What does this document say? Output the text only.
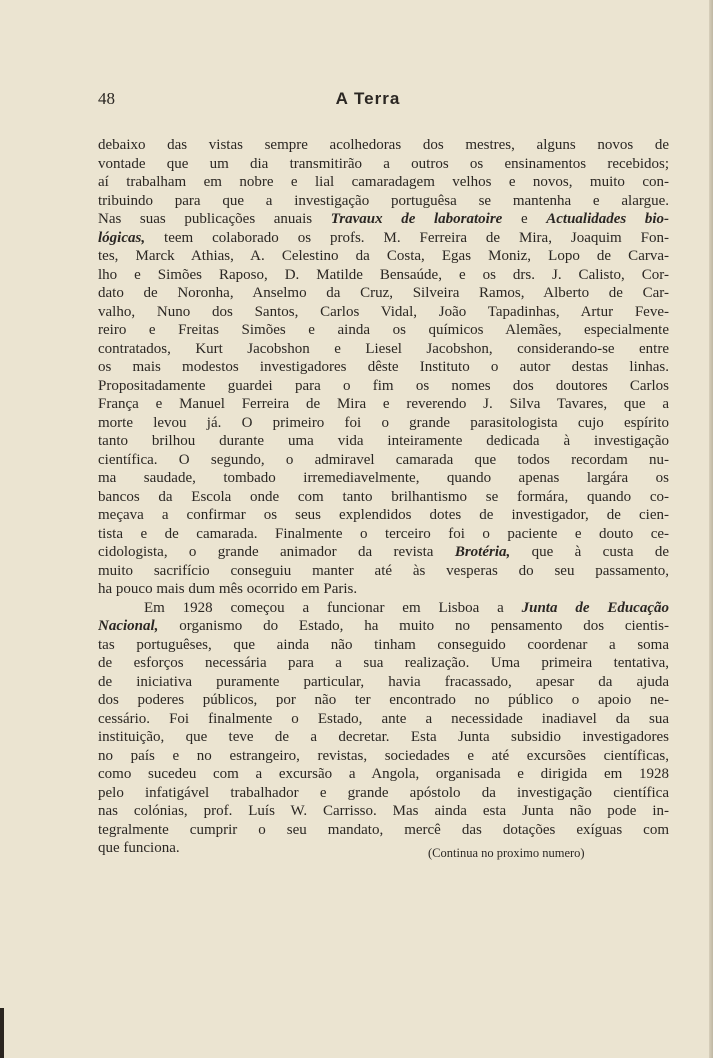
48	A Terra
debaixo das vistas sempre acolhedoras dos mestres, alguns novos de
vontade que um dia transmitirão a outros os ensinamentos recebidos;
aí trabalham em nobre e lial camaradagem velhos e novos, muito con-
tribuindo para que a investigação portuguêsa se mantenha e alargue.
Nas suas publicações anuais Travaux de laboratoire e Actualidades bio-
lógicas, teem colaborado os profs. M. Ferreira de Mira, Joaquim Fon-
tes, Marck Athias, A. Celestino da Costa, Egas Moniz, Lopo de Carva-
lho e Simões Raposo, D. Matilde Bensaúde, e os drs. J. Calisto, Cor-
dato de Noronha, Anselmo da Cruz, Silveira Ramos, Alberto de Car-
valho, Nuno dos Santos, Carlos Vidal, João Tapadinhas, Artur Feve-
reiro e Freitas Simões e ainda os químicos Alemães, especialmente
contratados, Kurt Jacobshon e Liesel Jacobshon, considerando-se entre
os mais modestos investigadores dêste Instituto o autor destas linhas.
Propositadamente guardei para o fim os nomes dos doutores Carlos
França e Manuel Ferreira de Mira e reverendo J. Silva Tavares, que a
morte levou já. O primeiro foi o grande parasitologista cujo espírito
tanto brilhou durante uma vida inteiramente dedicada à investigação
científica. O segundo, o admiravel camarada que todos recordam nu-
ma saudade, tombado irremediavelmente, quando apenas largára os
bancos da Escola onde com tanto brilhantismo se formára, quando co-
meçava a confirmar os seus explendidos dotes de investigador, de cien-
tista e de camarada. Finalmente o terceiro foi o paciente e douto ce-
cidologista, o grande animador da revista Brotéria, que à custa de
muito sacrifício conseguiu manter até às vesperas do seu passamento,
ha pouco mais dum mês ocorrido em Paris.
Em 1928 começou a funcionar em Lisboa a Junta de Educação
Nacional, organismo do Estado, ha muito no pensamento dos cientis-
tas portuguêses, que ainda não tinham conseguido coordenar a soma
de esforços necessária para a sua realização. Uma primeira tentativa,
de iniciativa puramente particular, havia fracassado, apesar da ajuda
dos poderes públicos, por não ter encontrado no público o apoio ne-
cessário. Foi finalmente o Estado, ante a necessidade inadiavel da sua
instituição, que teve de a decretar. Esta Junta subsidio investigadores
no país e no estrangeiro, revistas, sociedades e até excursões científicas,
como sucedeu com a excursão a Angola, organisada e dirigida em 1928
pelo infatigável trabalhador e grande apóstolo da investigação científica
nas colónias, prof. Luís W. Carrisso. Mas ainda esta Junta não pode in-
tegralmente cumprir o seu mandato, mercê das dotações exíguas com
que funciona.	(Continua no proximo numero)
